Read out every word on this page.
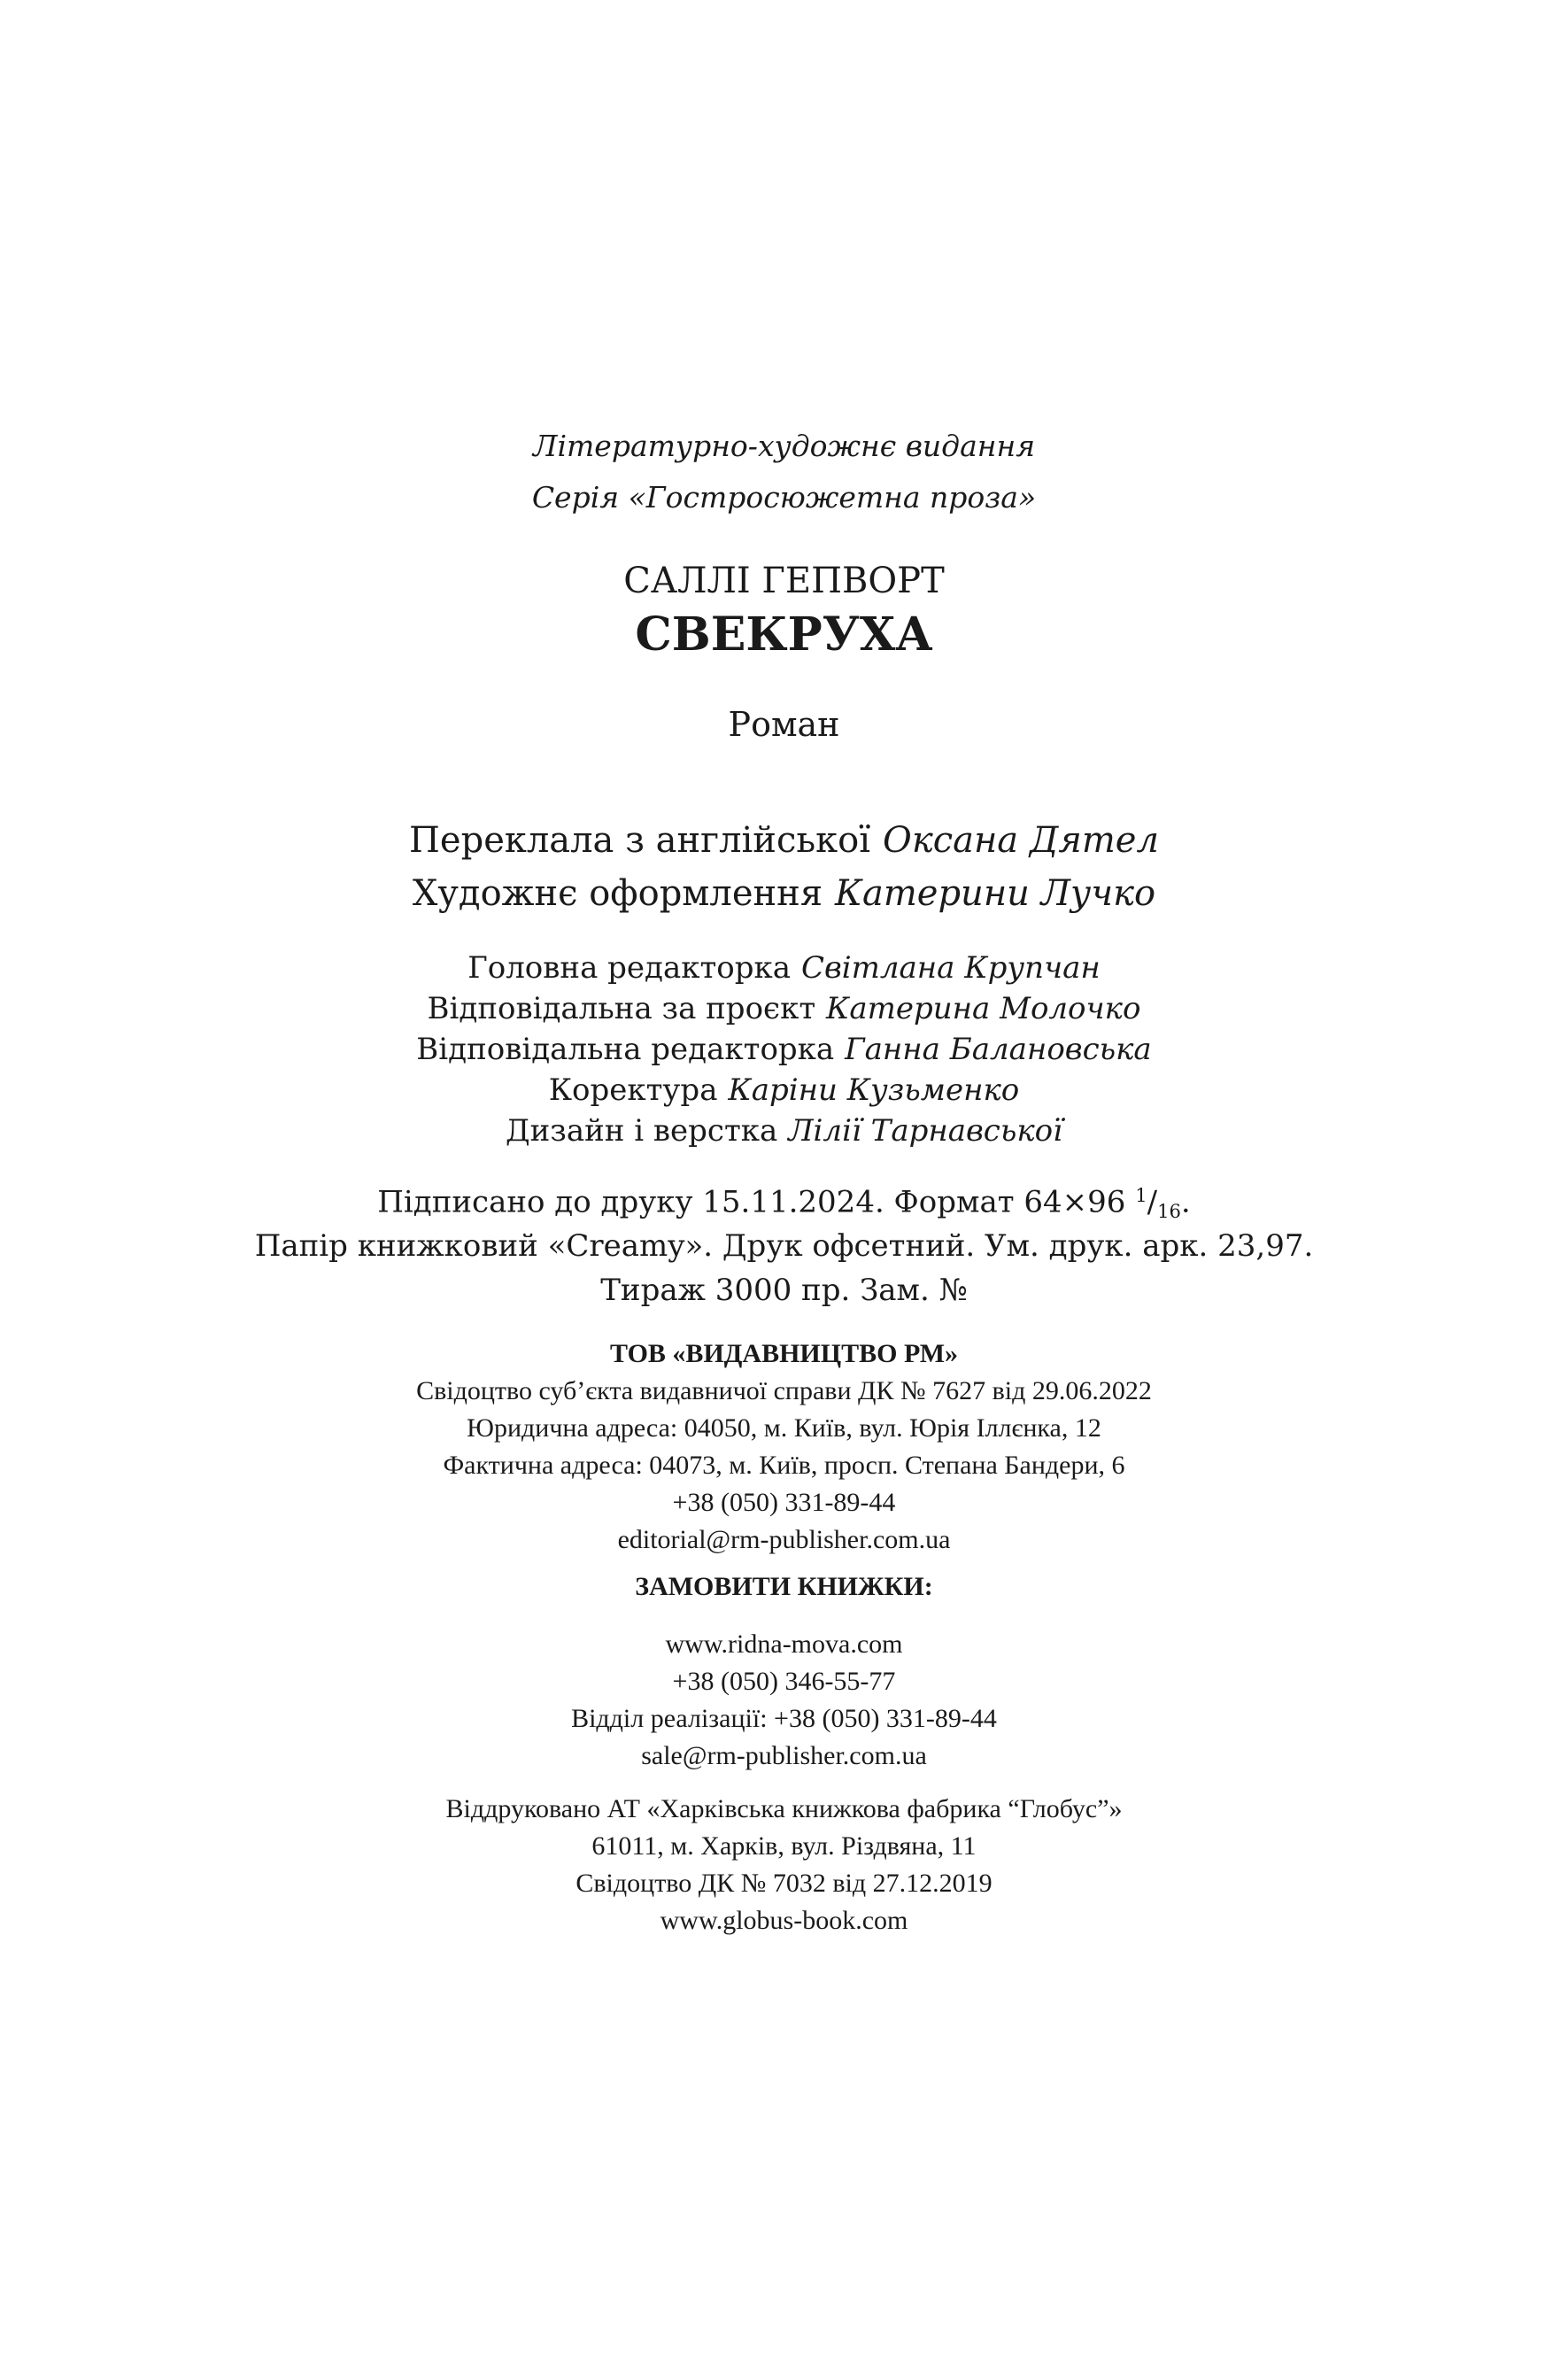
Літературно-художнє видання
Серія «Гостросюжетна проза»
САЛЛІ ГЕПВОРТ
СВЕКРУХА
Роман
Переклала з англійської Оксана Дятел
Художнє оформлення Катерини Лучко
Головна редакторка Світлана Крупчан
Відповідальна за проєкт Катерина Молочко
Відповідальна редакторка Ганна Балановська
Коректура Каріни Кузьменко
Дизайн і верстка Лілії Тарнавської
Підписано до друку 15.11.2024. Формат 64×96 $^1$/16.
Папір книжковий «Creamy». Друк офсетний. Ум. друк. арк. 23,97.
Тираж 3000 пр. Зам. №
ТОВ «ВИДАВНИЦТВО РМ»
Свідоцтво суб’єкта видавничої справи ДК № 7627 від 29.06.2022
Юридична адреса: 04050, м. Київ, вул. Юрія Іллєнка, 12
Фактична адреса: 04073, м. Київ, просп. Степана Бандери, 6
+38 (050) 331-89-44
editorial@rm-publisher.com.ua
ЗАМОВИТИ КНИЖКИ:
www.ridna-mova.com
+38 (050) 346-55-77
Відділ реалізації: +38 (050) 331-89-44
sale@rm-publisher.com.ua
Віддруковано АТ «Харківська книжкова фабрика “Глобус”»
61011, м. Харків, вул. Різдвяна, 11
Свідоцтво ДК № 7032 від 27.12.2019
www.globus-book.com
